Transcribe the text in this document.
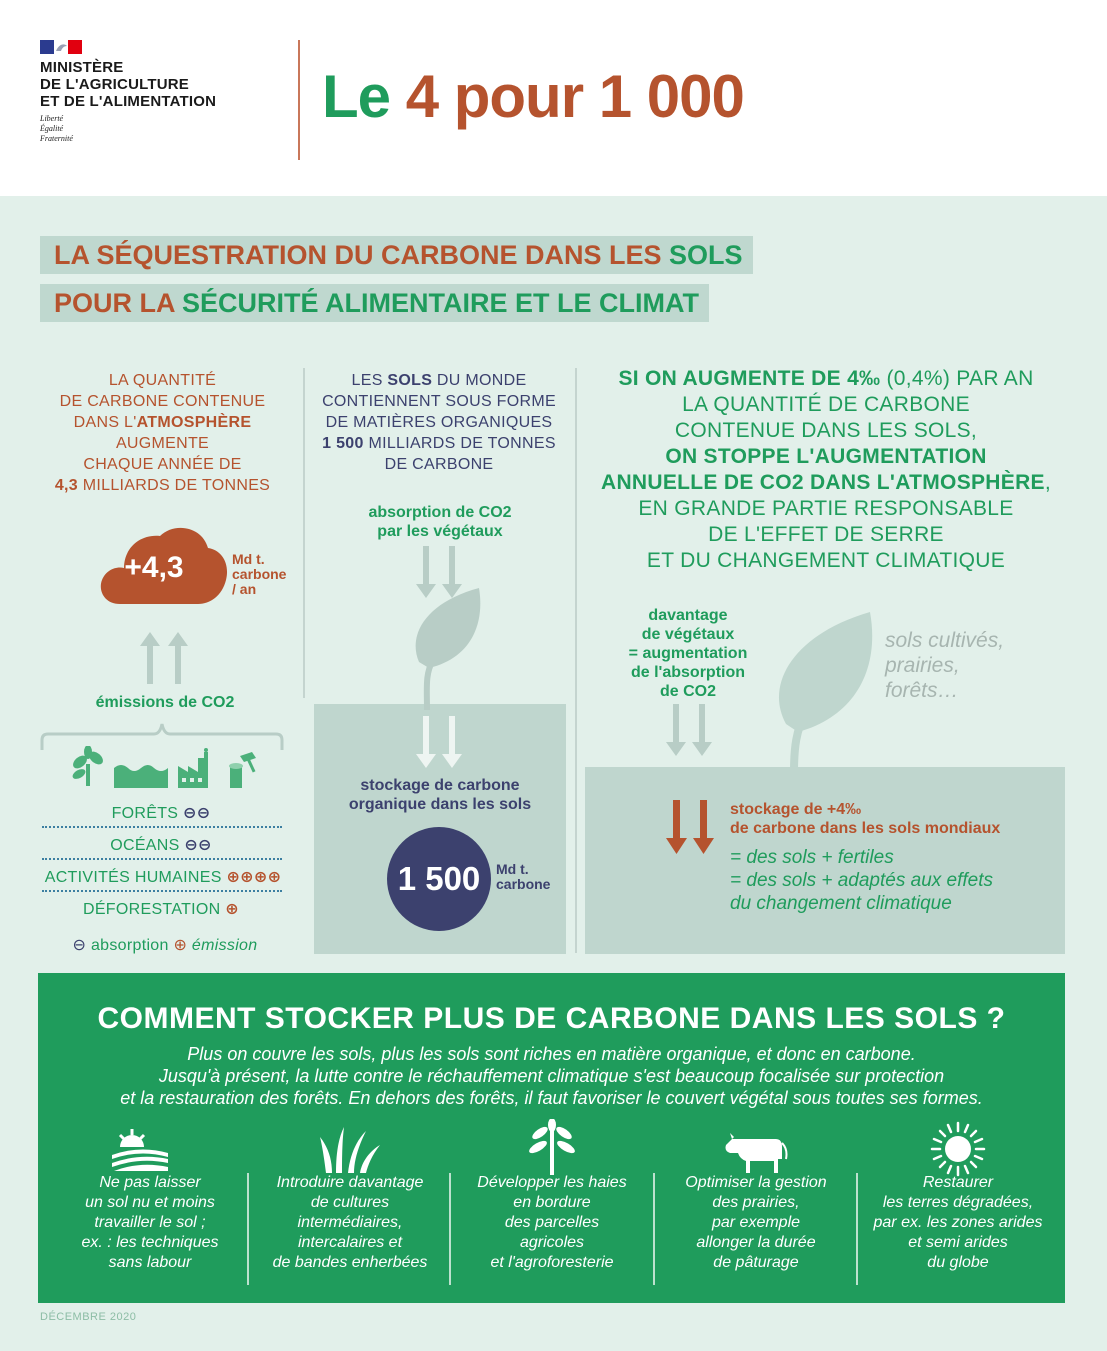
MINISTÈRE
DE L'AGRICULTURE
ET DE L'ALIMENTATION
Liberté
Égalité
Fraternité
Le 4 pour 1 000
LA SÉQUESTRATION DU CARBONE DANS LES SOLS
POUR LA SÉCURITÉ ALIMENTAIRE ET LE CLIMAT
LA QUANTITÉ
DE CARBONE CONTENUE
DANS L'ATMOSPHÈRE
AUGMENTE
CHAQUE ANNÉE DE
4,3 MILLIARDS DE TONNES
+4,3	Md t.
carbone
/ an
émissions de CO2
FORÊTS ⊖⊖
OCÉANS ⊖⊖
ACTIVITÉS HUMAINES ⊕⊕⊕⊕
DÉFORESTATION ⊕
⊖ absorption ⊕ émission
LES SOLS DU MONDE
CONTIENNENT SOUS FORME
DE MATIÈRES ORGANIQUES
1 500 MILLIARDS DE TONNES
DE CARBONE
absorption de CO2
par les végétaux
stockage de carbone
organique dans les sols
1 500	Md t.
carbone
SI ON AUGMENTE DE 4‰ (0,4%) PAR AN
LA QUANTITÉ DE CARBONE
CONTENUE DANS LES SOLS,
ON STOPPE L'AUGMENTATION
ANNUELLE DE CO2 DANS L'ATMOSPHÈRE,
EN GRANDE PARTIE RESPONSABLE
DE L'EFFET DE SERRE
ET DU CHANGEMENT CLIMATIQUE
davantage
de végétaux
= augmentation
de l'absorption
de CO2
sols cultivés,
prairies,
forêts…
stockage de +4‰
de carbone dans les sols mondiaux
= des sols + fertiles
= des sols + adaptés aux effets
du changement climatique
COMMENT STOCKER PLUS DE CARBONE DANS LES SOLS ?
Plus on couvre les sols, plus les sols sont riches en matière organique, et donc en carbone.
Jusqu'à présent, la lutte contre le réchauffement climatique s'est beaucoup focalisée sur protection
et la restauration des forêts. En dehors des forêts, il faut favoriser le couvert végétal sous toutes ses formes.
Ne pas laisser
un sol nu et moins
travailler le sol ;
ex. : les techniques
sans labour
Introduire davantage
de cultures
intermédiaires,
intercalaires et
de bandes enherbées
Développer les haies
en bordure
des parcelles
agricoles
et l'agroforesterie
Optimiser la gestion
des prairies,
par exemple
allonger la durée
de pâturage
Restaurer
les terres dégradées,
par ex. les zones arides
et semi arides
du globe
DÉCEMBRE 2020
